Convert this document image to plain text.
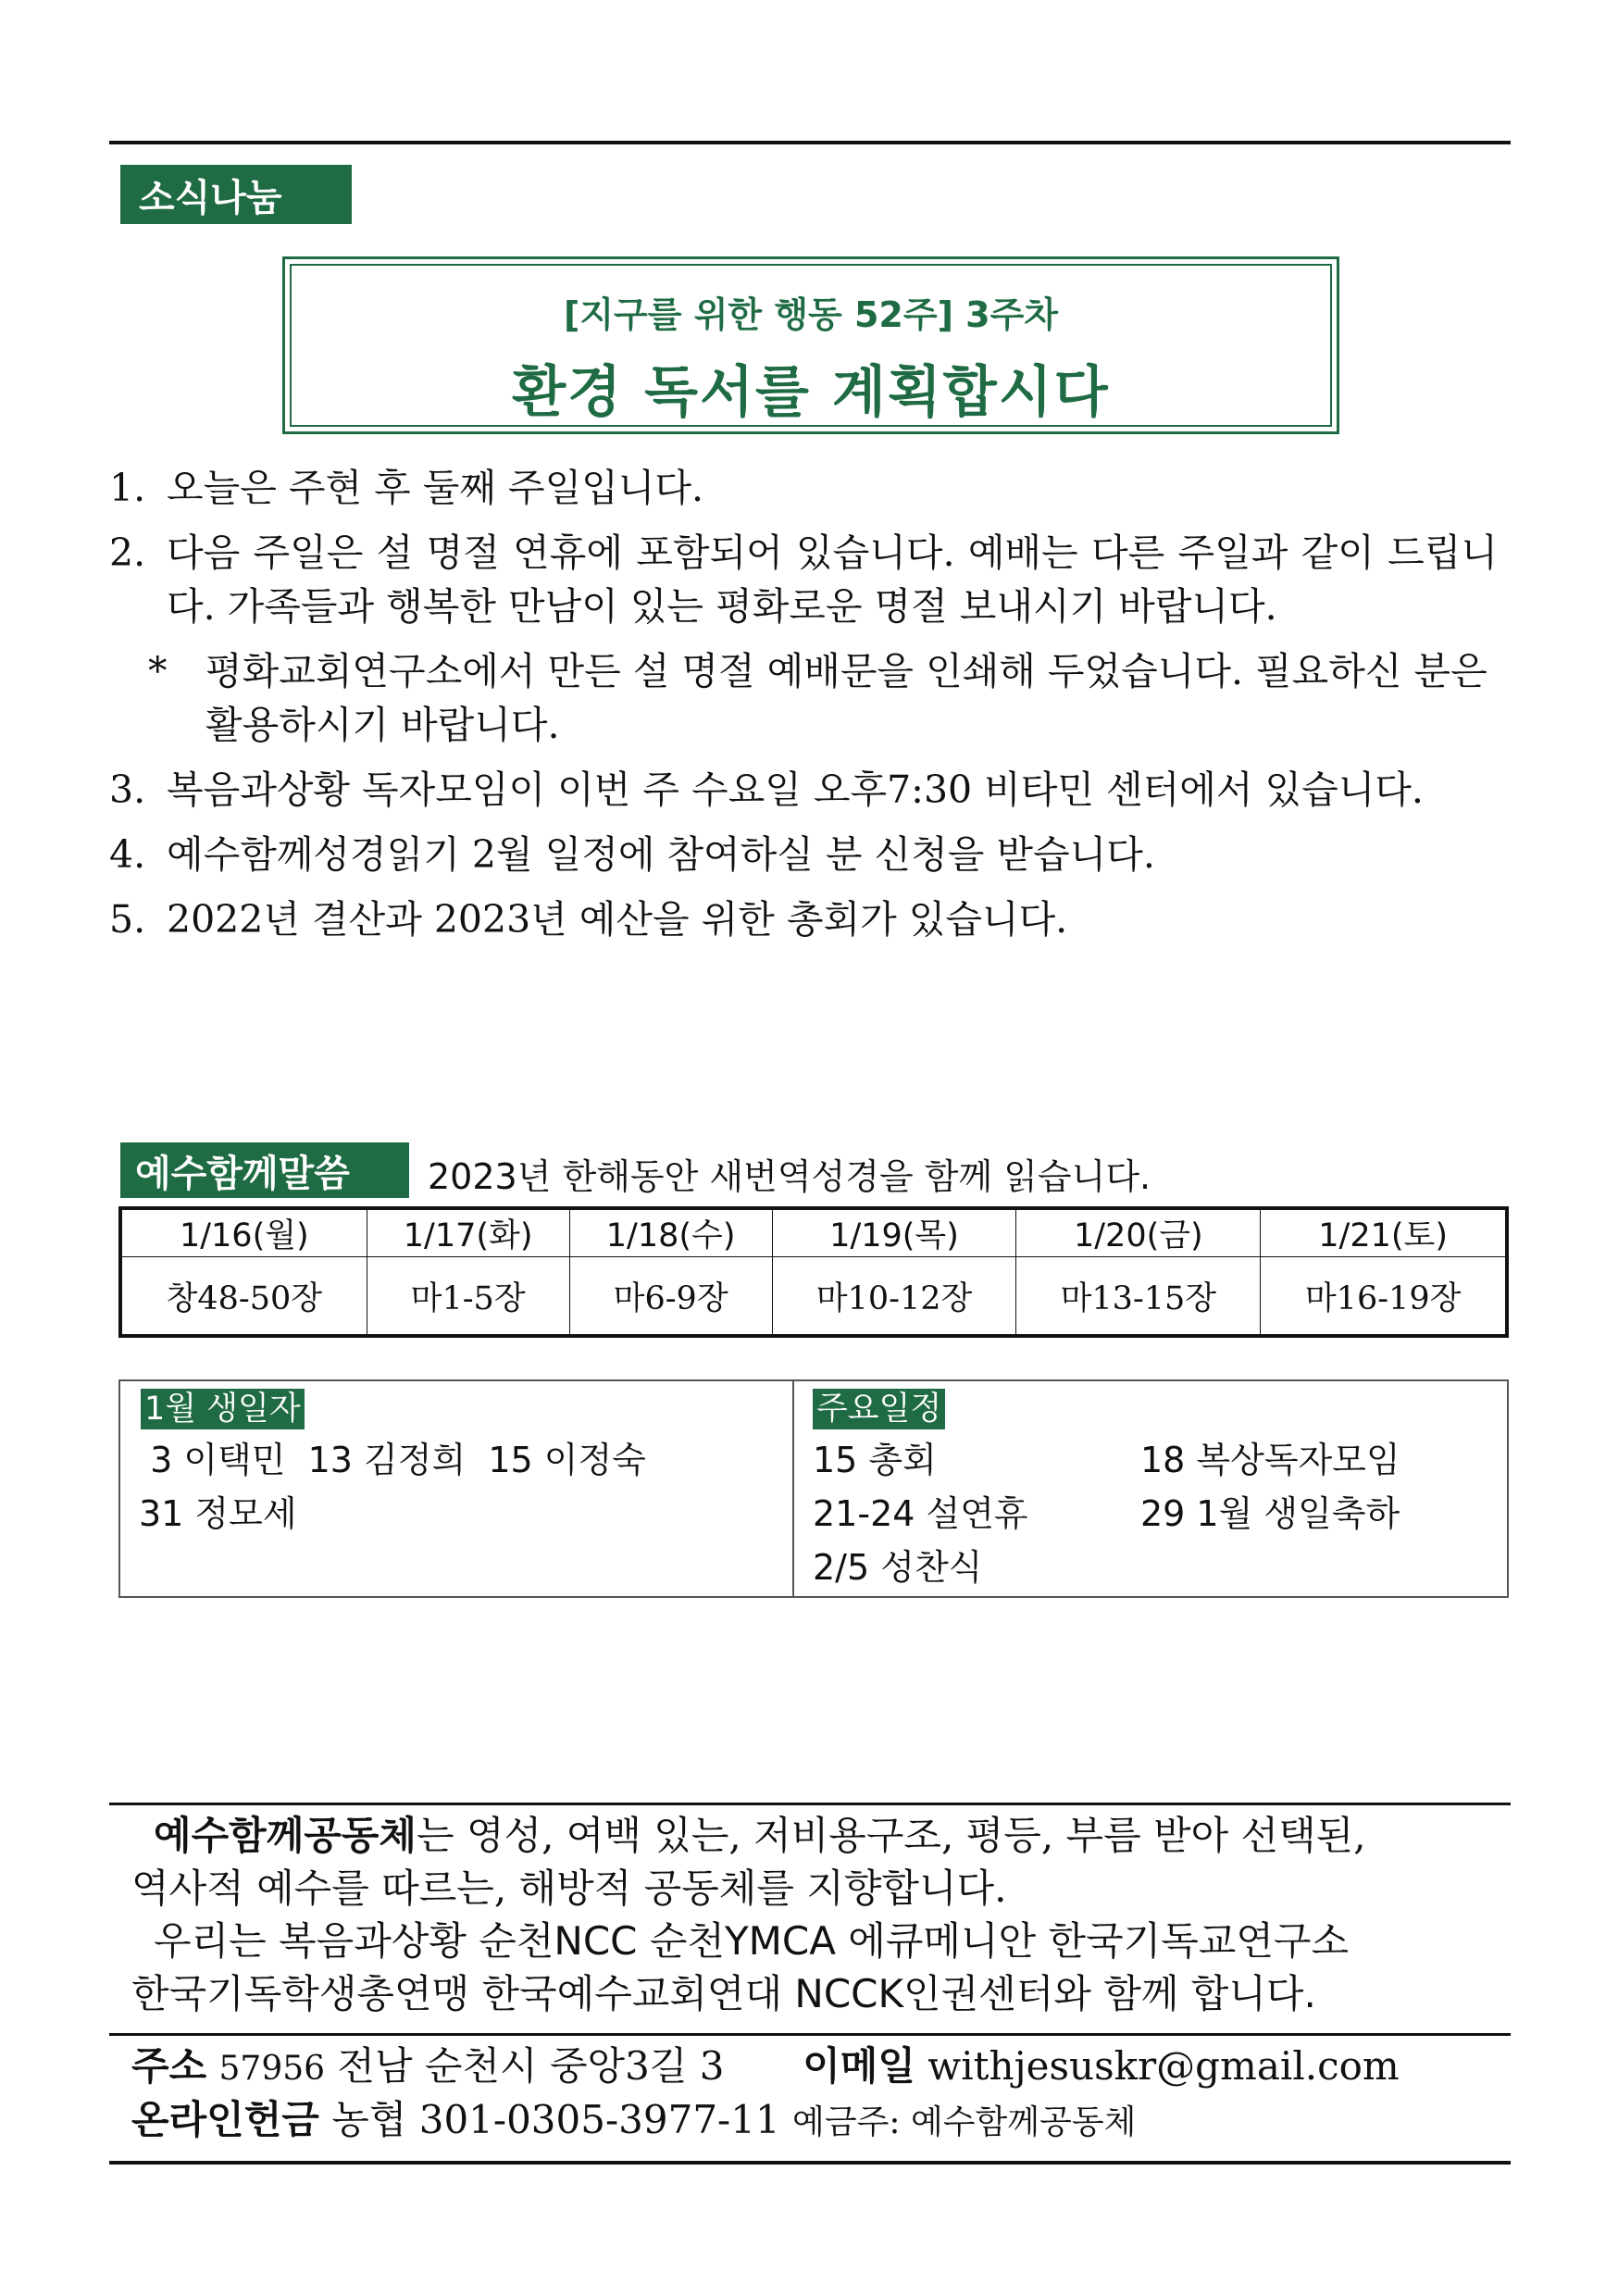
소식나눔
[지구를 위한 행동 52주] 3주차
환경 독서를 계획합시다
1. 오늘은 주현 후 둘째 주일입니다.
2. 다음 주일은 설 명절 연휴에 포함되어 있습니다. 예배는 다른 주일과 같이 드립니다. 가족들과 행복한 만남이 있는 평화로운 명절 보내시기 바랍니다.
*	평화교회연구소에서 만든 설 명절 예배문을 인쇄해 두었습니다. 필요하신 분은 활용하시기 바랍니다.
3. 복음과상황 독자모임이 이번 주 수요일 오후7:30 비타민 센터에서 있습니다.
4. 예수함께성경읽기 2월 일정에 참여하실 분 신청을 받습니다.
5. 2022년 결산과 2023년 예산을 위한 총회가 있습니다.
예수함께말씀 2023년 한해동안 새번역성경을 함께 읽습니다.
1/16(월)	1/17(화)	1/18(수)	1/19(목)	1/20(금)	1/21(토)
창48-50장	마1-5장	마6-9장	마10-12장	마13-15장	마16-19장
1월 생일자
3 이택민  13 김정희  15 이정숙
31 정모세
주요일정
15 총회
21-24 설연휴
2/5 성찬식
18 복상독자모임
29 1월 생일축하
예수함께공동체는 영성, 여백 있는, 저비용구조, 평등, 부름 받아 선택된,
역사적 예수를 따르는, 해방적 공동체를 지향합니다.
우리는 복음과상황 순천NCC 순천YMCA 에큐메니안 한국기독교연구소
한국기독학생총연맹 한국예수교회연대 NCCK인권센터와 함께 합니다.
주소 57956 전남 순천시 중앙3길 3 이메일 withjesuskr@gmail.com
온라인헌금 농협 301-0305-3977-11 예금주: 예수함께공동체
